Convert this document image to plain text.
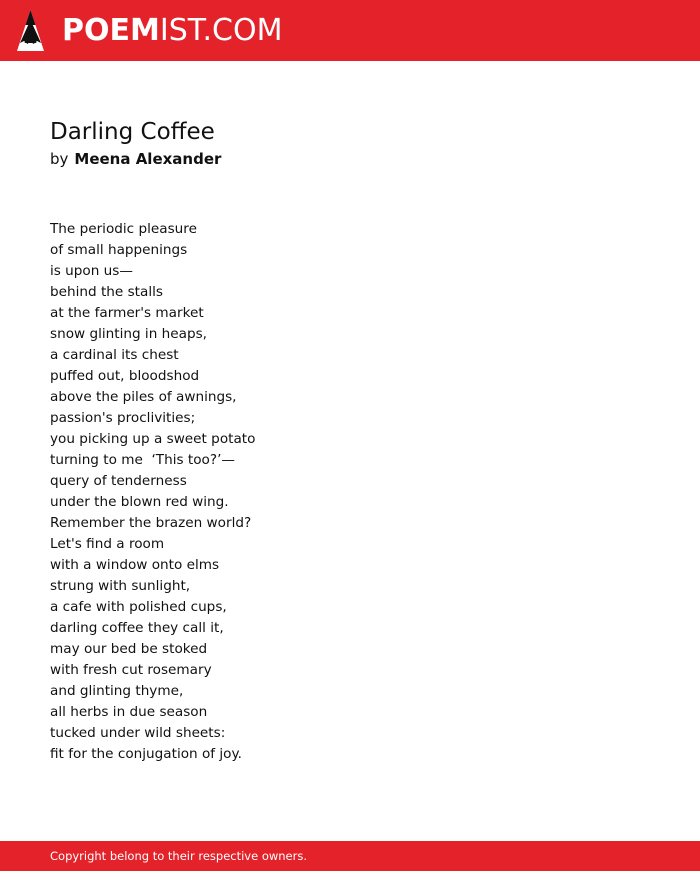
POEMIST.COM
Darling Coffee
by Meena Alexander
The periodic pleasure
of small happenings
is upon us—
behind the stalls
at the farmer's market
snow glinting in heaps,
a cardinal its chest
puffed out, bloodshod
above the piles of awnings,
passion's proclivities;
you picking up a sweet potato
turning to me  ‘This too?’—
query of tenderness
under the blown red wing.
Remember the brazen world?
Let's find a room
with a window onto elms
strung with sunlight,
a cafe with polished cups,
darling coffee they call it,
may our bed be stoked
with fresh cut rosemary
and glinting thyme,
all herbs in due season
tucked under wild sheets:
fit for the conjugation of joy.
Copyright belong to their respective owners.
